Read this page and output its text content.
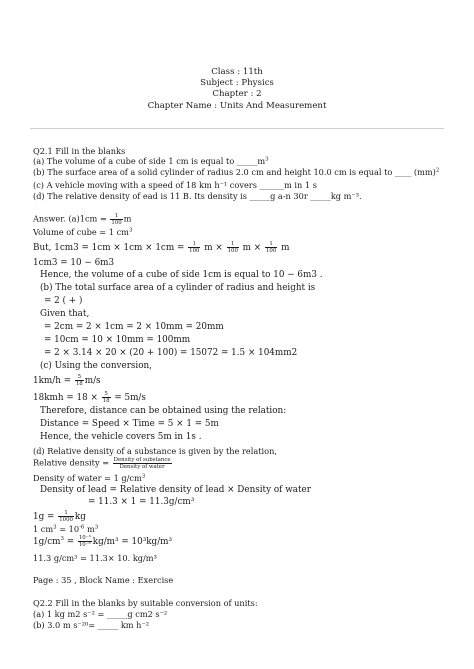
Class : 11th
Subject : Physics
Chapter : 2
Chapter Name : Units And Measurement
Q2.1 Fill in the blanks
(a) The volume of a cube of side 1 cm is equal to $\_\_\_\_\_m^3$
(b) The surface area of a solid cylinder of radius 2.0 cm and height 10.0 cm is equal to ____ (mm)$^2$
(c) A vehicle moving with a speed of 18 km h⁻¹ covers ______m in 1 s
(d) The relative density of ead is 11 B. Its density is _____g a-n 30r _____kg m⁻³.
Answer. $(a)1cm = \frac{1}{100}$ m
Volume of cube = 1 $cm^3$
But, $1cm3 = 1cm \times 1cm \times 1cm = \frac{1}{100}$ $m \times \frac{1}{100}$ $m \times \frac{1}{100}$ m
1cm3 = 10 − 6m3
Hence, the volume of a cube of side 1cm is equal to 10 − 6m3 .
(b) The total surface area of a cylinder of radius and height is
= 2 ( + )
Given that,
= 2cm = 2 × 1cm = 2 × 10mm = 20mm
= 10cm = 10 × 10mm = 100mm
= 2 × 3.14 × 20 × (20 + 100) = 15072 = 1.5 × 104mm2
(c) Using the conversion,
$1km/h = \frac{5}{18} m/s$
$18kmh = 18 \times \frac{5}{18} = 5m/s$
Therefore, distance can be obtained using the relation:
Distance = Speed × Time = 5 × 1 = 5m
Hence, the vehicle covers 5m in 1s .
(d) Relative density of a substance is given by the relation,
Relative density = $\frac{\text{Density of substance}}{\text{Density of water}}$
Density of water = 1 $g/cm^3$
Density of lead = Relative density of lead × Density of water
= 11.3 × 1 = 11.3g/cm³
$1g = \frac{1}{1000}$ kg
1 $cm^3 = 10^{-6}$ $m^3$
$1g/cm^3 = \frac{\text{10⁻³}}{\text{10⁻⁶}} kg/m^3 = 10^3kg/m^3$
11.3 g/cm³ = 11.3× 10. kg/m³
Page : 35 , Block Name : Exercise
Q2.2 Fill in the blanks by suitable conversion of units:
(a) 1 kg m2 s⁻² = _____g cm2 s⁻²
(b) 3.0 m s⁻²⁰= _____ km h⁻²
